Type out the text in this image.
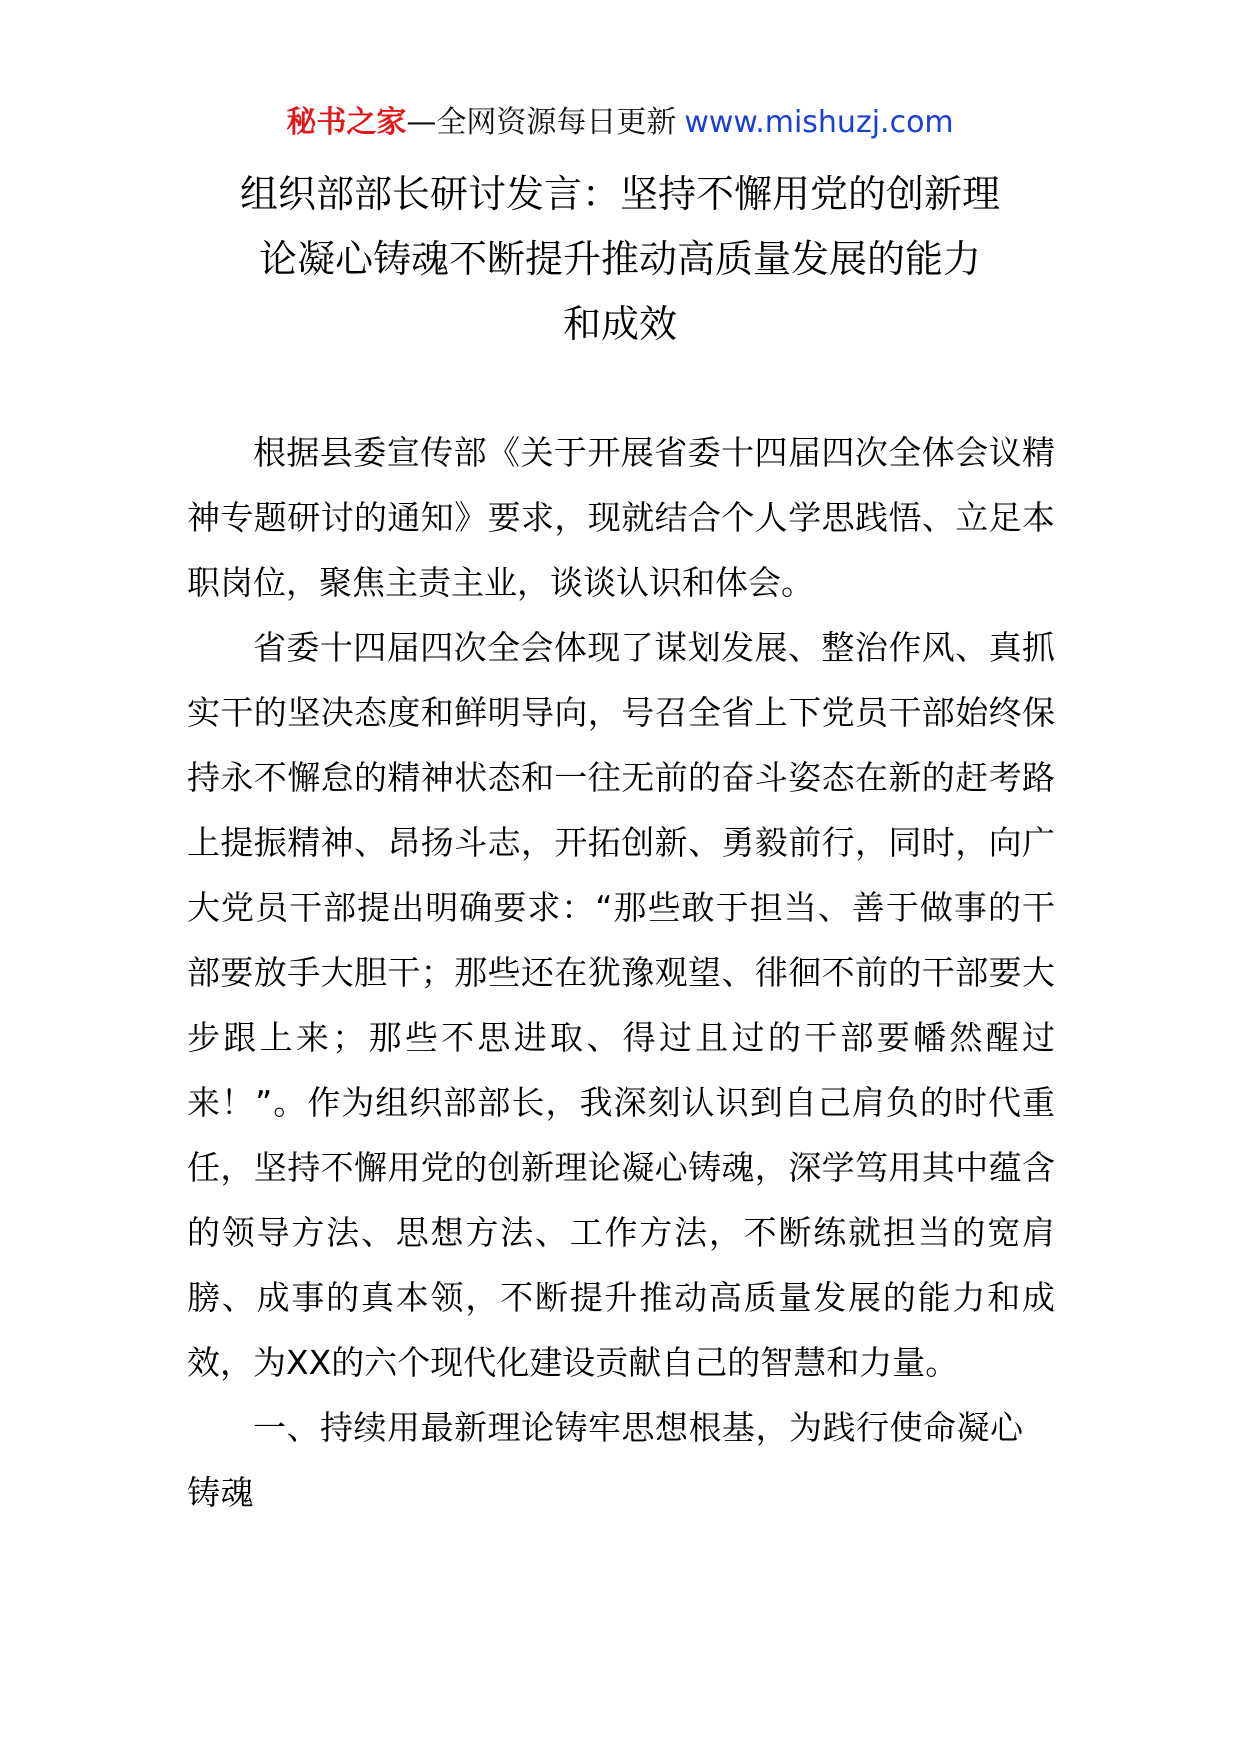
秘书之家—全网资源每日更新 www.mishuzj.com
组织部部长研讨发言：坚持不懈用党的创新理
论凝心铸魂不断提升推动高质量发展的能力
和成效

根据县委宣传部《关于开展省委十四届四次全体会议精神专题研讨的通知》要求，现就结合个人学思践悟、立足本职岗位，聚焦主责主业，谈谈认识和体会。

省委十四届四次全会体现了谋划发展、整治作风、真抓实干的坚决态度和鲜明导向，号召全省上下党员干部始终保持永不懈怠的精神状态和一往无前的奋斗姿态在新的赶考路上提振精神、昂扬斗志，开拓创新、勇毅前行，同时，向广大党员干部提出明确要求：“那些敢于担当、善于做事的干部要放手大胆干；那些还在犹豫观望、徘徊不前的干部要大步跟上来；那些不思进取、得过且过的干部要幡然醒过来！”。作为组织部部长，我深刻认识到自己肩负的时代重任，坚持不懈用党的创新理论凝心铸魂，深学笃用其中蕴含的领导方法、思想方法、工作方法，不断练就担当的宽肩膀、成事的真本领，不断提升推动高质量发展的能力和成效，为XX的六个现代化建设贡献自己的智慧和力量。

一、持续用最新理论铸牢思想根基，为践行使命凝心铸魂
